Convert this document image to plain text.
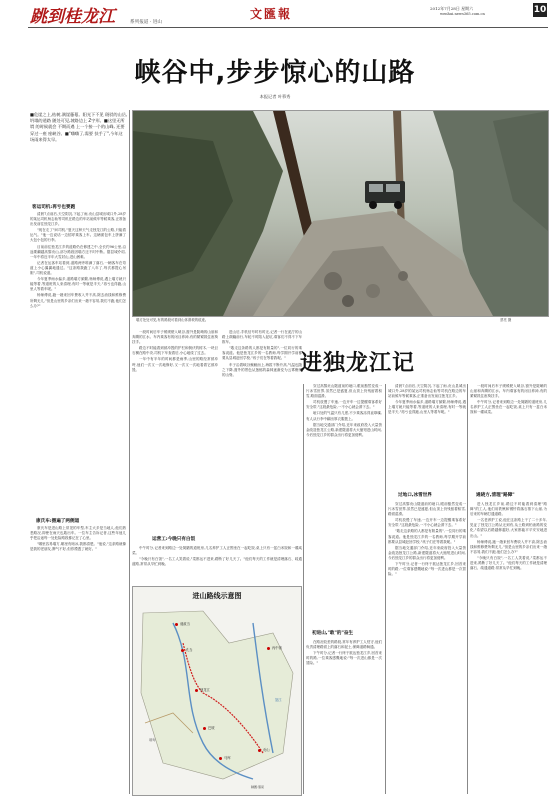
跳到桂龙江	文匯報	2012年7月28日 星期六
wenhui.news365.com.cn	10
系列报道 · 进山
峡谷中,步步惊心的山路
本报记者 叶慕秀
■危崖之上,枯树,满崖藤蔓。阳光下不见 斑驳的山岳,坍塌的道路 随处可见,坡路边上 Z字形。■这里无所谓 的时候就会 不期而遇 上一个接一个的山峰, 还要穿过一座 座峡谷。■"嗨嗨了,需要 扶手了",今年这 场雨来得太早。
塌方处处可见,有的路段可看到山体滑坡的痕迹。	蔡亮 摄
进独龙江记
客运司机:再亏也要跑

清晨7点前后,天空阴沉,下起了雨,贡山县城出城口外,28岁的某运司机杨志仙等司机在路边的车站前候车等候乘客,正准备出发前往独龙江乡。

"现在走了"问司机,"夏天这种天气走独龙江的公路,只能看运气。"他一边说话一边招呼乘客上车。这辆面包车上挤满了大包小包的行李。

目前前往独龙江乡的道路仍在修建之中,全长约96公里,沿途要翻越高黎贡山,部分路段因塌方还不时中断。据县城介绍,一年中将近半年大雪封山,进山困难。

记者在运客车站看到,道路两旁堆满了落石,一辆客车在弯道上小心翼翼地通过。"这条路我跑了八年了,每次都提心吊胆",司机说道。

今年夏季雨水偏多,道路塌方频繁,杨师傅说,遇上塌方就只能等着,等道班的人来清理,有时一等就是半天,"再亏也得跑,山里人等着车呢。"

杨师傅说,跑一趟来回车费收入并不高,除去油钱和维修费所剩无几,"但是山里的乡亲们出来一趟不容易,我们不跑,他们怎么办?"

康氏车:摄遍了两侧道

康氏车是进山路上常见的车型,车主大多是当地人,他们熟悉路况,即使在雨天也敢出车。一位车主告诉记者,这些年他几乎把沿途每一处危险路段都记在了心里。

"哪里容易塌方,哪里有暗冰,我都清楚。"他说,"这条路就像是我的老朋友,脾气不好,但你摸透了就好。"

一段时间后车子缓缓驶入峡谷,窗外是陡峭的山崖和奔腾的江水。车内乘客有的闭目养神,有的紧紧抓住座椅扶手。

路边不时能看到被冲毁的护栏和倒伏的树木,一块巨石横在路中央,司机下车查看后,小心地绕了过去。

一年中有半年的时间都是雨季,山里的路经常被冲垮,他们一次又一次地修好,又一次又一次地看着它被冲毁。

进山后,手机信号时有时无,记者一行在泥泞的山路上颠簸前行,车轮不时陷入泥坑,乘客们不得不下车推车。

"敢走这条路的人都是有胆量的",一位同行的乘客说道。他是独龙江乡的一名教师,每学期开学前都要从县城赶回学校,"孩子们在等着我呢。"

车子沿着峡谷蜿蜒而上,海拔不断升高,气温也随之下降,窗外的景色从葱郁的森林逐渐变为云雾缭绕的山脊。

运营工:今晚只有白饭

中午时分,记者来到路边一处简陋的道班房,几名养护工人正围坐在一起吃饭,桌上只有一盆白米饭和一碟咸菜。

"今晚只有白饭",一名工人笑着说,"菜都运不进来,路断了好几天了。"他们每天的工作就是清理落石、疏通道路,常常从早忙到晚。

进山路线示意图
贡山
丙中洛
独龙江
孔当
巴坡
马库
迪政当
怒江
缅甸
制图:蔡亮

穿过高黎贡山隧道前的垭口,眼前豁然变成一片冰雪世界,虽然已是盛夏,但山顶上仍残留着积雪,路面湿滑。

司机放慢了车速,一边开车一边提醒乘客系好安全带,"这段最危险,一不小心就会滑下去。"

垭口处的气温只有几度,不少乘客冻得直哆嗦,有人从行李中翻出厚衣服披上。

据当地交通部门介绍,近年来政府投入大量资金改造独龙江公路,新建隧道将大大缩短进山时间,今后独龙江乡的群众出行将更加便利。

初进山,"敢"的"奋生

在路况较差的路段,常年有养护工人驻守,他们负责清理路面上的落石和泥土,保障道路畅通。

下午时分,记者一行终于抵达独龙江乡,回首来时的路,一位乘客感慨地说:"每一次进山都是一次冒险。"

清晨7点前后,天空阴沉,下起了雨,贡山县城出城口外,28岁的某运司机杨志仙等司机在路边的车站前候车等候乘客,正准备出发前往独龙江乡。

今年夏季雨水偏多,道路塌方频繁,杨师傅说,遇上塌方就只能等着,等道班的人来清理,有时一等就是半天,"再亏也得跑,山里人等着车呢。"

过地口,冰雪世界

穿过高黎贡山隧道前的垭口,眼前豁然变成一片冰雪世界,虽然已是盛夏,但山顶上仍残留着积雪,路面湿滑。

司机放慢了车速,一边开车一边提醒乘客系好安全带,"这段最危险,一不小心就会滑下去。"

"敢走这条路的人都是有胆量的",一位同行的乘客说道。他是独龙江乡的一名教师,每学期开学前都要从县城赶回学校,"孩子们在等着我呢。"

据当地交通部门介绍,近年来政府投入大量资金改造独龙江公路,新建隧道将大大缩短进山时间,今后独龙江乡的群众出行将更加便利。

下午时分,记者一行终于抵达独龙江乡,回首来时的路,一位乘客感慨地说:"每一次进山都是一次冒险。"

一段时间后车子缓缓驶入峡谷,窗外是陡峭的山崖和奔腾的江水。车内乘客有的闭目养神,有的紧紧抓住座椅扶手。

中午时分,记者来到路边一处简陋的道班房,几名养护工人正围坐在一起吃饭,桌上只有一盆白米饭和一碟咸菜。

通晓方,清理"路障"

进入独龙江乡前,路边不时能看到清理"路障"的工人,他们用铁锹和钢钎将落石推下山崖,为后来的车辆打通道路。

一名老养护工说,他在这条路上干了二十多年,见证了独龙江公路从无到有,从土路到柏油路的变化,"希望以后路越修越好,大家都能平平安安地进出山。"

杨师傅说,跑一趟来回车费收入并不高,除去油钱和维修费所剩无几,"但是山里的乡亲们出来一趟不容易,我们不跑,他们怎么办?"

"今晚只有白饭",一名工人笑着说,"菜都运不进来,路断了好几天了。"他们每天的工作就是清理落石、疏通道路,常常从早忙到晚。
